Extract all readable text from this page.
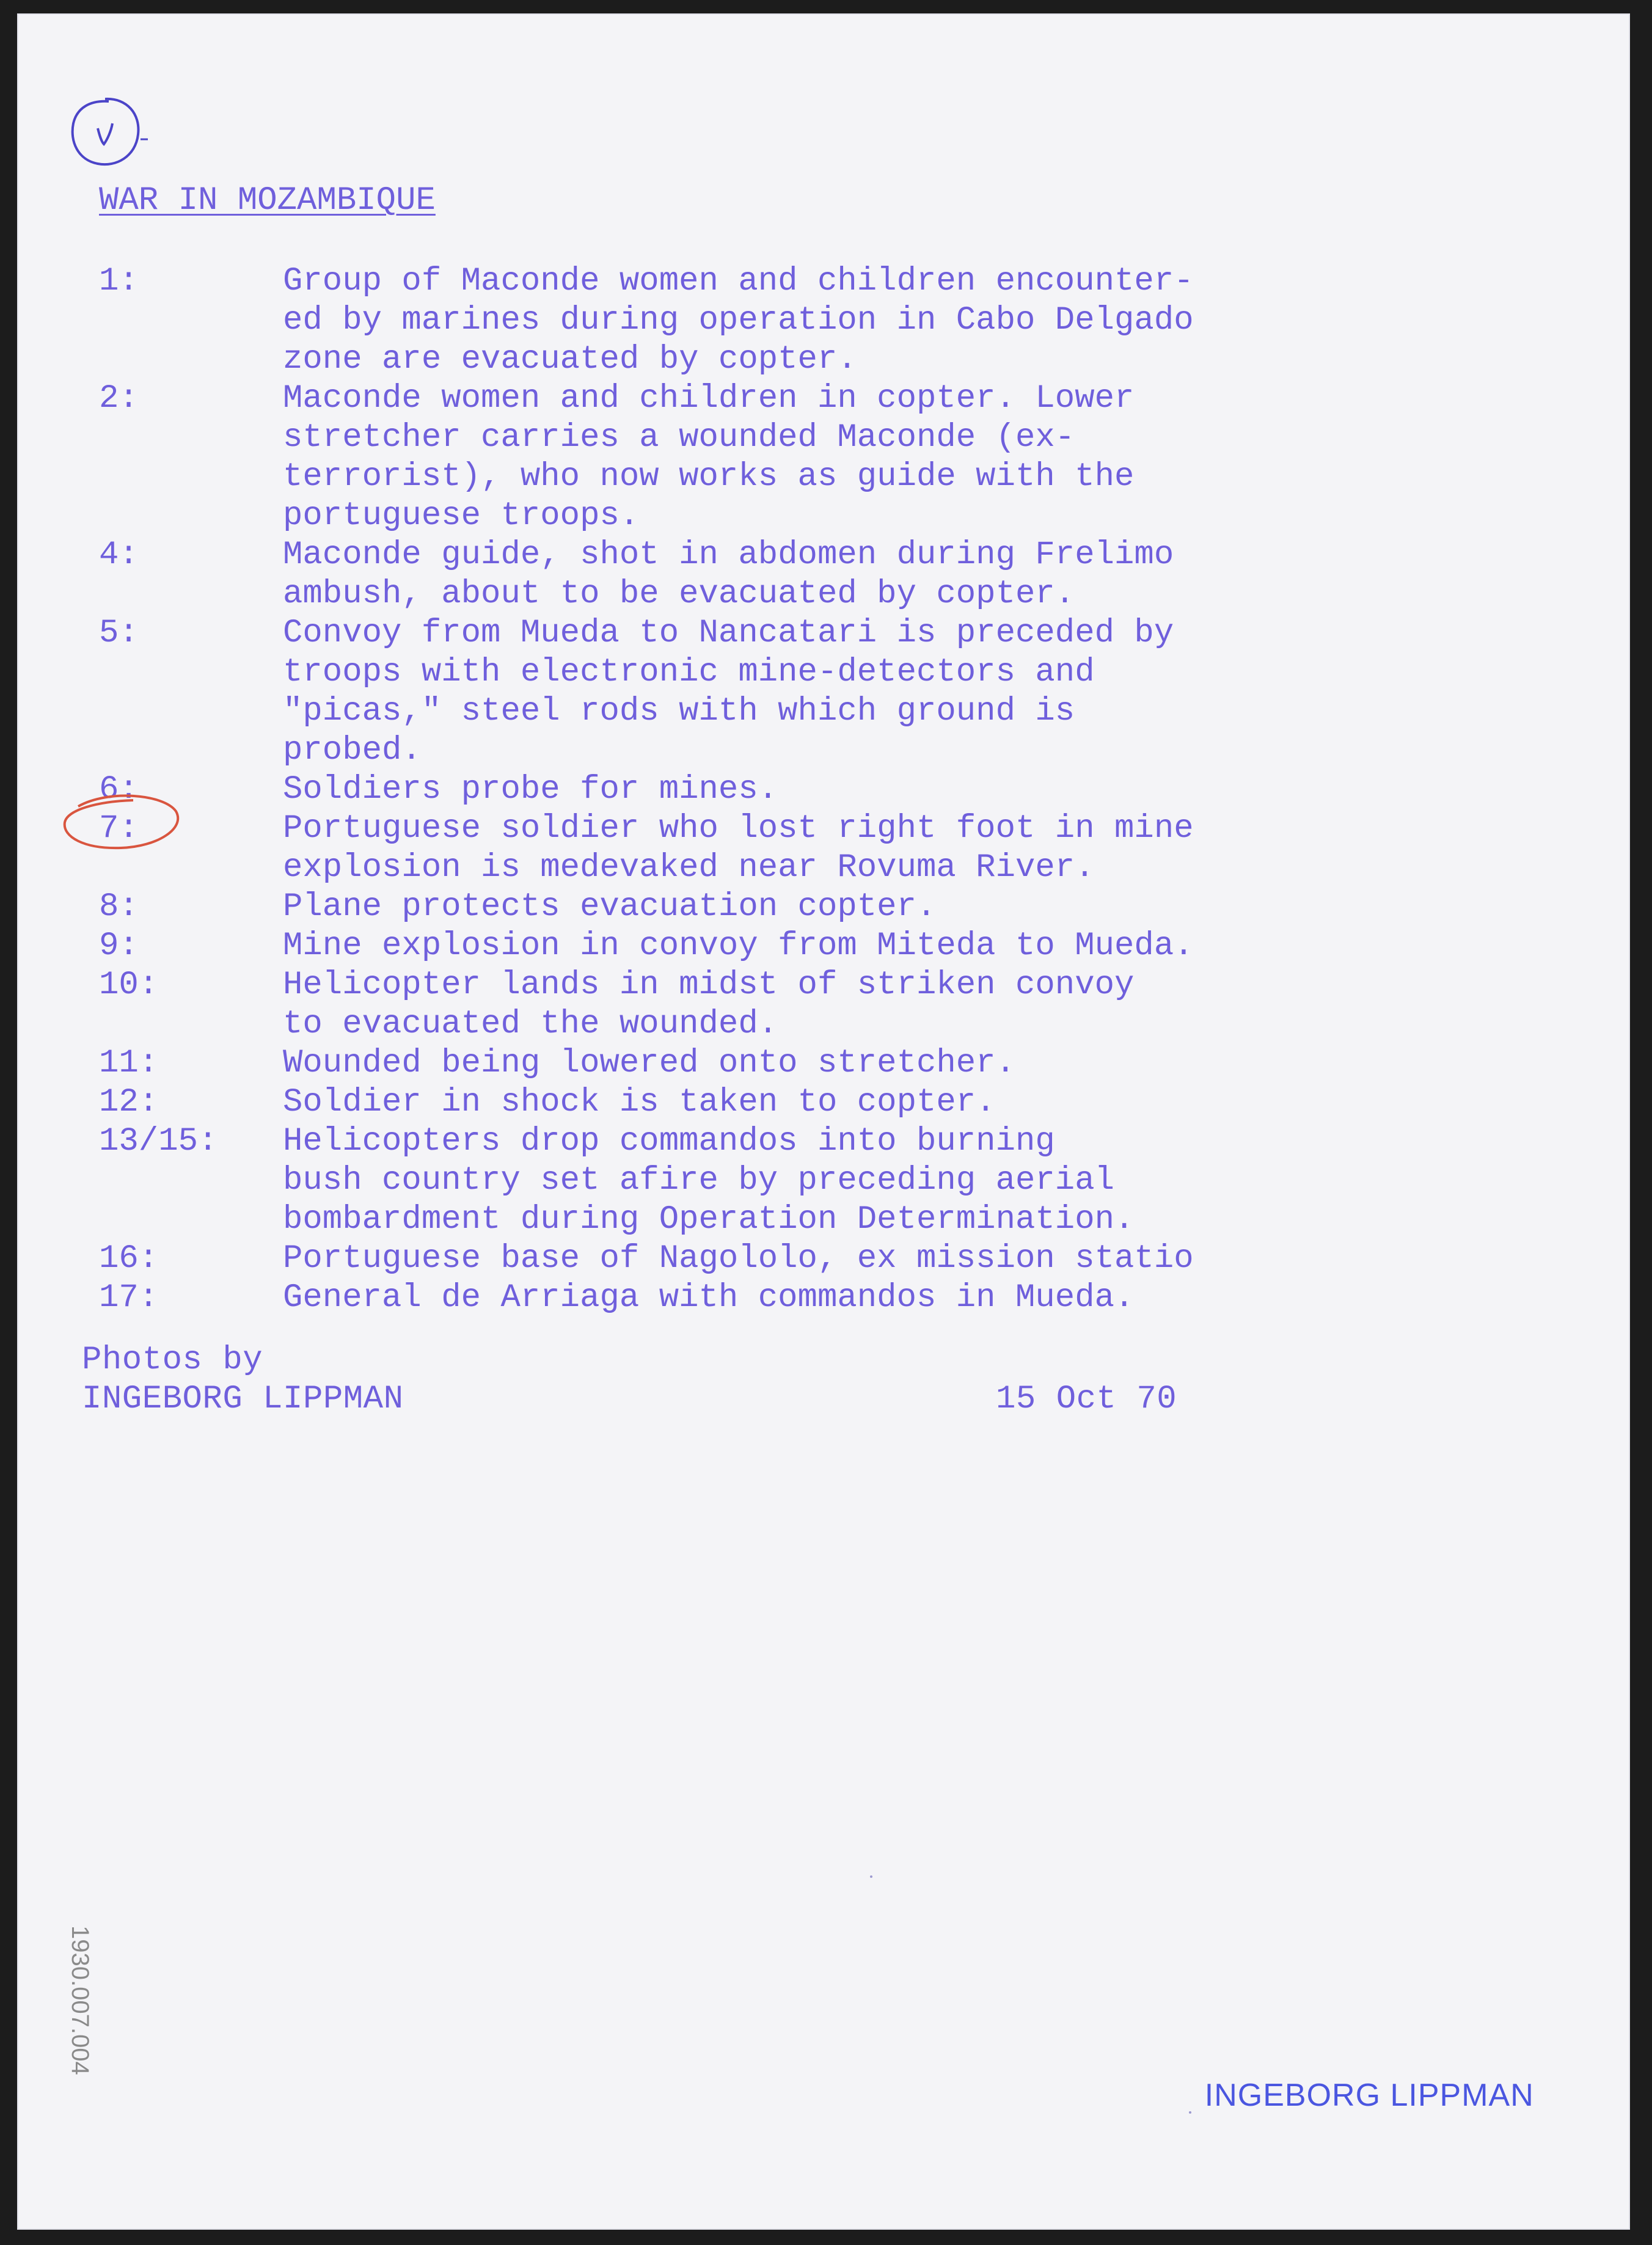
WAR IN MOZAMBIQUE
1:	Group of Maconde women and children encounter-
ed by marines during operation in Cabo Delgado
zone are evacuated by copter.
2:	Maconde women and children in copter. Lower
stretcher carries a wounded Maconde (ex-
terrorist), who now works as guide with the
portuguese troops.
4:	Maconde guide, shot in abdomen during Frelimo
ambush, about to be evacuated by copter.
5:	Convoy from Mueda to Nancatari is preceded by
troops with electronic mine-detectors and
"picas," steel rods with which ground is
probed.
6:	Soldiers probe for mines.
7:	Portuguese soldier who lost right foot in mine
explosion is medevaked near Rovuma River.
8:	Plane protects evacuation copter.
9:	Mine explosion in convoy from Miteda to Mueda.
10:	Helicopter lands in midst of striken convoy
to evacuated the wounded.
11:	Wounded being lowered onto stretcher.
12:	Soldier in shock is taken to copter.
13/15: Helicopters drop commandos into burning
bush country set afire by preceding aerial
bombardment during Operation Determination.
16:	Portuguese base of Nagololo, ex mission statio
17:	General de Arriaga with commandos in Mueda.
Photos by
INGEBORG LIPPMAN	15 Oct 70
1930.007.004

INGEBORG LIPPMAN
